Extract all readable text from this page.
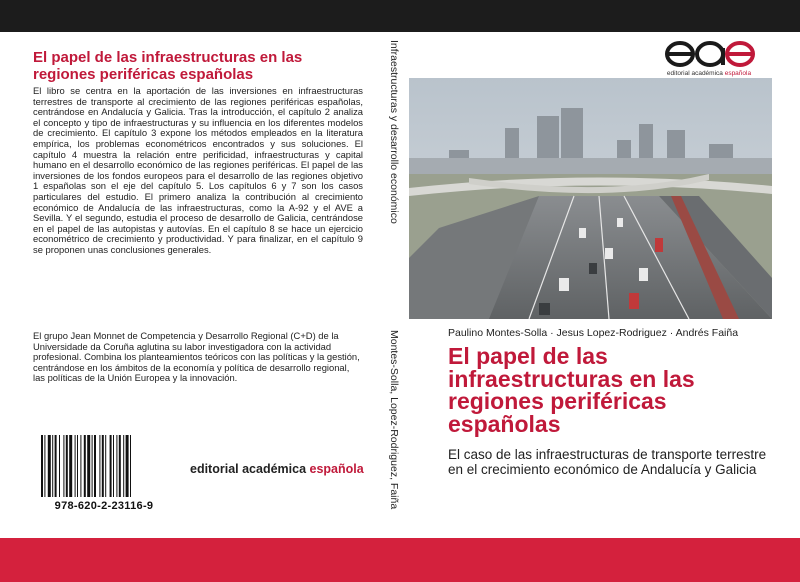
El papel de las infraestructuras en las regiones periféricas españolas
El libro se centra en la aportación de las inversiones en infraestructuras terrestres de transporte al crecimiento de las regiones periféricas españolas, centrándose en Andalucía y Galicia. Tras la introducción, el capítulo 2 analiza el concepto y tipo de infraestructuras y su influencia en los diferentes modelos de crecimiento. El capítulo 3 expone los métodos empleados en la literatura empírica, los problemas econométricos encontrados y sus soluciones. El capítulo 4 muestra la relación entre perificidad, infraestructuras y capital humano en el desarrollo económico de las regiones periféricas. El papel de las inversiones de los fondos europeos para el desarrollo de las regiones objetivo 1 españolas son el eje del capítulo 5. Los capítulos 6 y 7 son los casos particulares del estudio. El primero analiza la contribución al crecimiento económico de Andalucía de las infraestructuras, como la A-92 y el AVE a Sevilla. Y el segundo, estudia el proceso de desarrollo de Galicia, centrándose en el papel de las autopistas y autovías. En el capítulo 8 se hace un ejercicio econométrico de crecimiento y productividad. Y para finalizar, en el capítulo 9 se proponen unas conclusiones generales.
El grupo Jean Monnet de Competencia y Desarrollo Regional (C+D) de la Universidade da Coruña aglutina su labor investigadora con la actividad profesional. Combina los planteamientos teóricos con las políticas y la gestión, centrándose en los ámbitos de la economía y política de desarrollo regional, las políticas de la Unión Europea y la innovación.
978-620-2-23116-9
editorial académica española
Infraestructuras y desarrollo económico
Montes-Solla, Lopez-Rodriguez, Faiña
editorial académica española
Paulino Montes-Solla · Jesus Lopez-Rodriguez · Andrés Faiña
El papel de las infraestructuras en las regiones periféricas españolas
El caso de las infraestructuras de transporte terrestre en el crecimiento económico de Andalucía y Galicia
